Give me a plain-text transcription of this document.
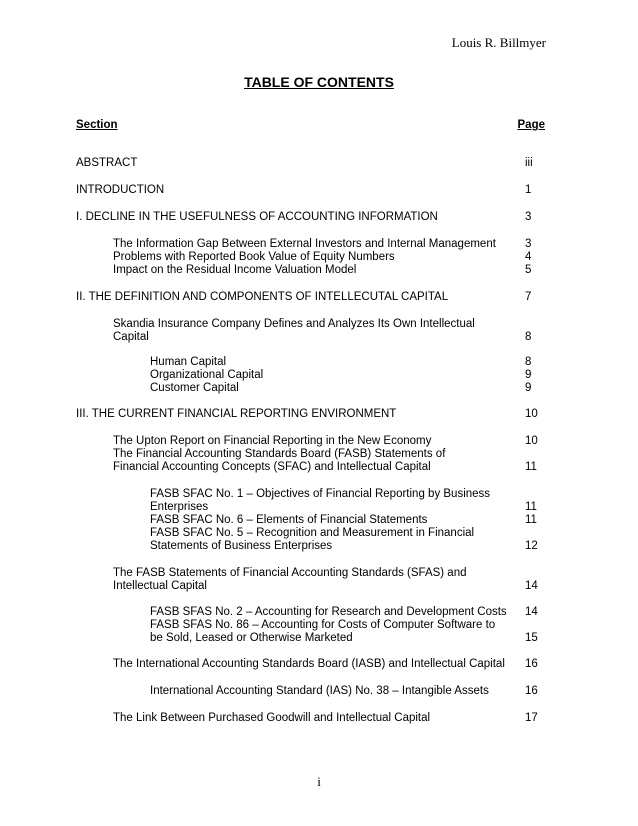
Louis R. Billmyer
TABLE OF CONTENTS
Section	Page
ABSTRACT	iii
INTRODUCTION	1
I. DECLINE IN THE USEFULNESS OF ACCOUNTING INFORMATION	3
The Information Gap Between External Investors and Internal Management	3
Problems with Reported Book Value of Equity Numbers	4
Impact on the Residual Income Valuation Model	5
II. THE DEFINITION AND COMPONENTS OF INTELLECUTAL CAPITAL	7
Skandia Insurance Company Defines and Analyzes Its Own Intellectual
Capital	8
Human Capital	8
Organizational Capital	9
Customer Capital	9
III. THE CURRENT FINANCIAL REPORTING ENVIRONMENT	10
The Upton Report on Financial Reporting in the New Economy	10
The Financial Accounting Standards Board (FASB) Statements of
Financial Accounting Concepts (SFAC) and Intellectual Capital	11
FASB SFAC No. 1 – Objectives of Financial Reporting by Business
Enterprises	11
FASB SFAC No. 6 – Elements of Financial Statements	11
FASB SFAC No. 5 – Recognition and Measurement in Financial
Statements of Business Enterprises	12
The FASB Statements of Financial Accounting Standards (SFAS) and
Intellectual Capital	14
FASB SFAS No. 2 – Accounting for Research and Development Costs 14
FASB SFAS No. 86 – Accounting for Costs of Computer Software to
be Sold, Leased or Otherwise Marketed	15
The International Accounting Standards Board (IASB) and Intellectual Capital 16
International Accounting Standard (IAS) No. 38 – Intangible Assets	16
The Link Between Purchased Goodwill and Intellectual Capital	17
i
